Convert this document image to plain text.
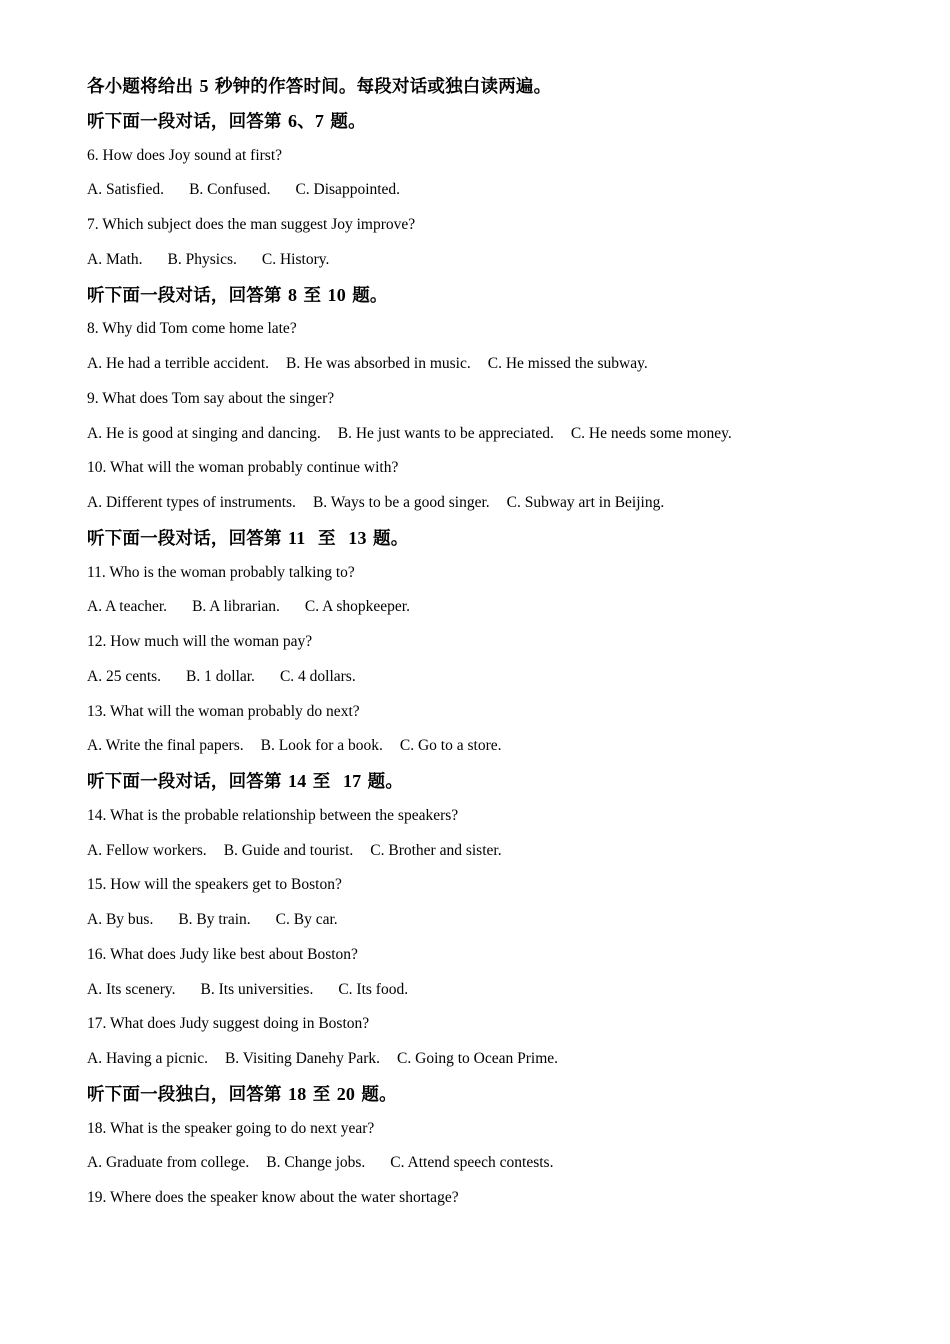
各小题将给出 5 秒钟的作答时间。每段对话或独白读两遍。
听下面一段对话，回答第 6、7 题。
6. How does Joy sound at first?
A. Satisfied. B. Confused. C. Disappointed.
7. Which subject does the man suggest Joy improve?
A. Math. B. Physics. C. History.
听下面一段对话，回答第 8 至 10 题。
8. Why did Tom come home late?
A. He had a terrible accident. B. He was absorbed in music. C. He missed the subway.
9. What does Tom say about the singer?
A. He is good at singing and dancing. B. He just wants to be appreciated. C. He needs some money.
10. What will the woman probably continue with?
A. Different types of instruments. B. Ways to be a good singer. C. Subway art in Beijing.
听下面一段对话，回答第 11  至  13 题。
11. Who is the woman probably talking to?
A. A teacher. B. A librarian. C. A shopkeeper.
12. How much will the woman pay?
A. 25 cents. B. 1 dollar. C. 4 dollars.
13. What will the woman probably do next?
A. Write the final papers. B. Look for a book. C. Go to a store.
听下面一段对话，回答第 14 至  17 题。
14. What is the probable relationship between the speakers?
A. Fellow workers. B. Guide and tourist. C. Brother and sister.
15. How will the speakers get to Boston?
A. By bus. B. By train. C. By car.
16. What does Judy like best about Boston?
A. Its scenery. B. Its universities. C. Its food.
17. What does Judy suggest doing in Boston?
A. Having a picnic. B. Visiting Danehy Park. C. Going to Ocean Prime.
听下面一段独白，回答第 18 至 20 题。
18. What is the speaker going to do next year?
A. Graduate from college. B. Change jobs. C. Attend speech contests.
19. Where does the speaker know about the water shortage?
